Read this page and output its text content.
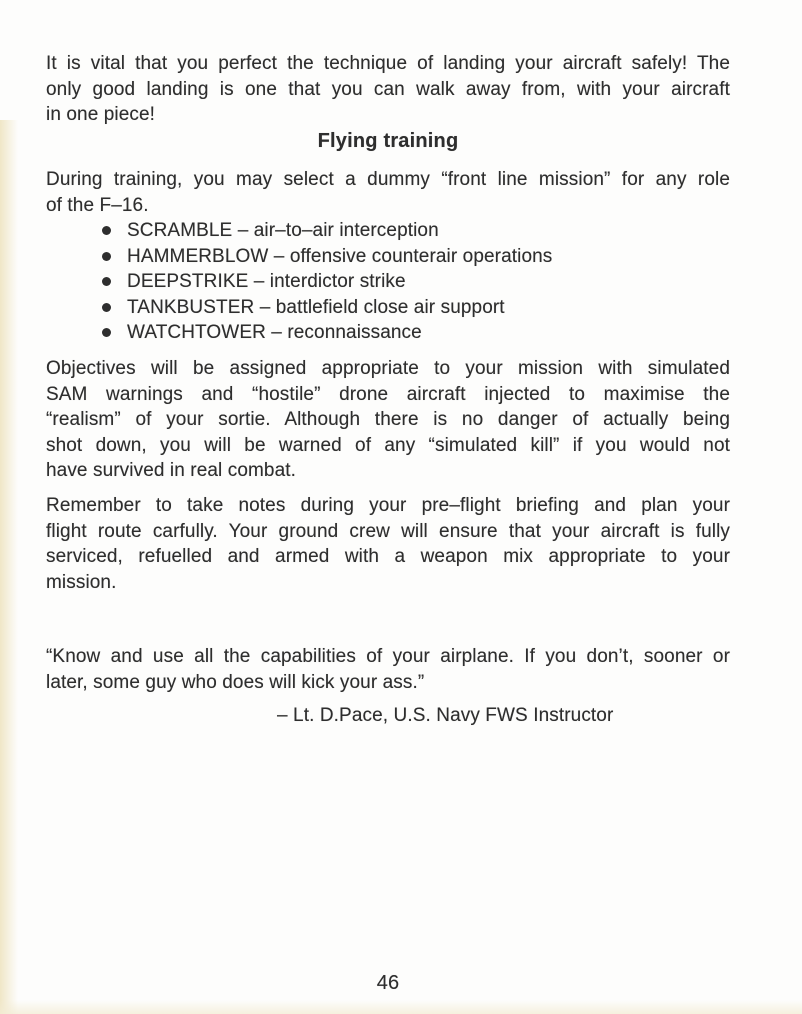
It is vital that you perfect the technique of landing your aircraft safely! The
only good landing is one that you can walk away from, with your aircraft
in one piece!
Flying training
During training, you may select a dummy “front line mission” for any role
of the F–16.
SCRAMBLE – air–to–air interception
HAMMERBLOW – offensive counterair operations
DEEPSTRIKE – interdictor strike
TANKBUSTER – battlefield close air support
WATCHTOWER – reconnaissance
Objectives will be assigned appropriate to your mission with simulated
SAM warnings and “hostile” drone aircraft injected to maximise the
“realism” of your sortie. Although there is no danger of actually being
shot down, you will be warned of any “simulated kill” if you would not
have survived in real combat.
Remember to take notes during your pre–flight briefing and plan your
flight route carfully. Your ground crew will ensure that your aircraft is fully
serviced, refuelled and armed with a weapon mix appropriate to your
mission.
“Know and use all the capabilities of your airplane. If you don’t, sooner or
later, some guy who does will kick your ass.”
– Lt. D.Pace, U.S. Navy FWS Instructor
46
